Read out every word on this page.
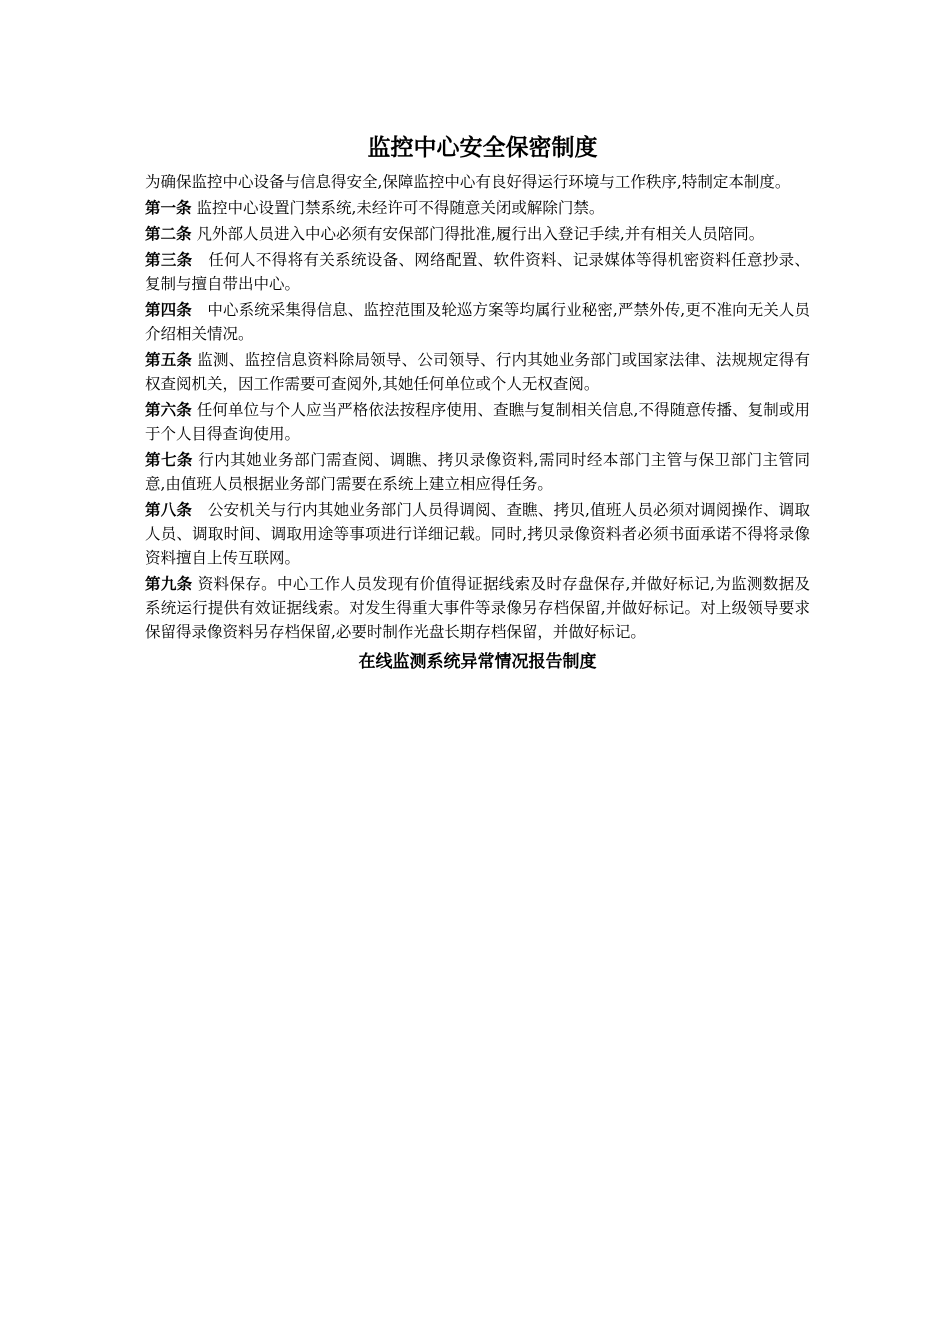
监控中心安全保密制度

为确保监控中心设备与信息得安全,保障监控中心有良好得运行环境与工作秩序,特制定本制度。

第一条 监控中心设置门禁系统,未经许可不得随意关闭或解除门禁。

第二条 凡外部人员进入中心必须有安保部门得批准,履行出入登记手续,并有相关人员陪同。

第三条　任何人不得将有关系统设备、网络配置、软件资料、记录媒体等得机密资料任意抄录、复制与擅自带出中心。

第四条　中心系统采集得信息、监控范围及轮巡方案等均属行业秘密,严禁外传,更不准向无关人员介绍相关情况。

第五条 监测、监控信息资料除局领导、公司领导、行内其她业务部门或国家法律、法规规定得有权查阅机关，因工作需要可查阅外,其她任何单位或个人无权查阅。

第六条 任何单位与个人应当严格依法按程序使用、查瞧与复制相关信息,不得随意传播、复制或用于个人目得查询使用。

第七条 行内其她业务部门需查阅、调瞧、拷贝录像资料,需同时经本部门主管与保卫部门主管同意,由值班人员根据业务部门需要在系统上建立相应得任务。

第八条　公安机关与行内其她业务部门人员得调阅、查瞧、拷贝,值班人员必须对调阅操作、调取人员、调取时间、调取用途等事项进行详细记载。同时,拷贝录像资料者必须书面承诺不得将录像资料擅自上传互联网。

第九条 资料保存。中心工作人员发现有价值得证据线索及时存盘保存,并做好标记,为监测数据及系统运行提供有效证据线索。对发生得重大事件等录像另存档保留,并做好标记。对上级领导要求保留得录像资料另存档保留,必要时制作光盘长期存档保留，并做好标记。

在线监测系统异常情况报告制度
